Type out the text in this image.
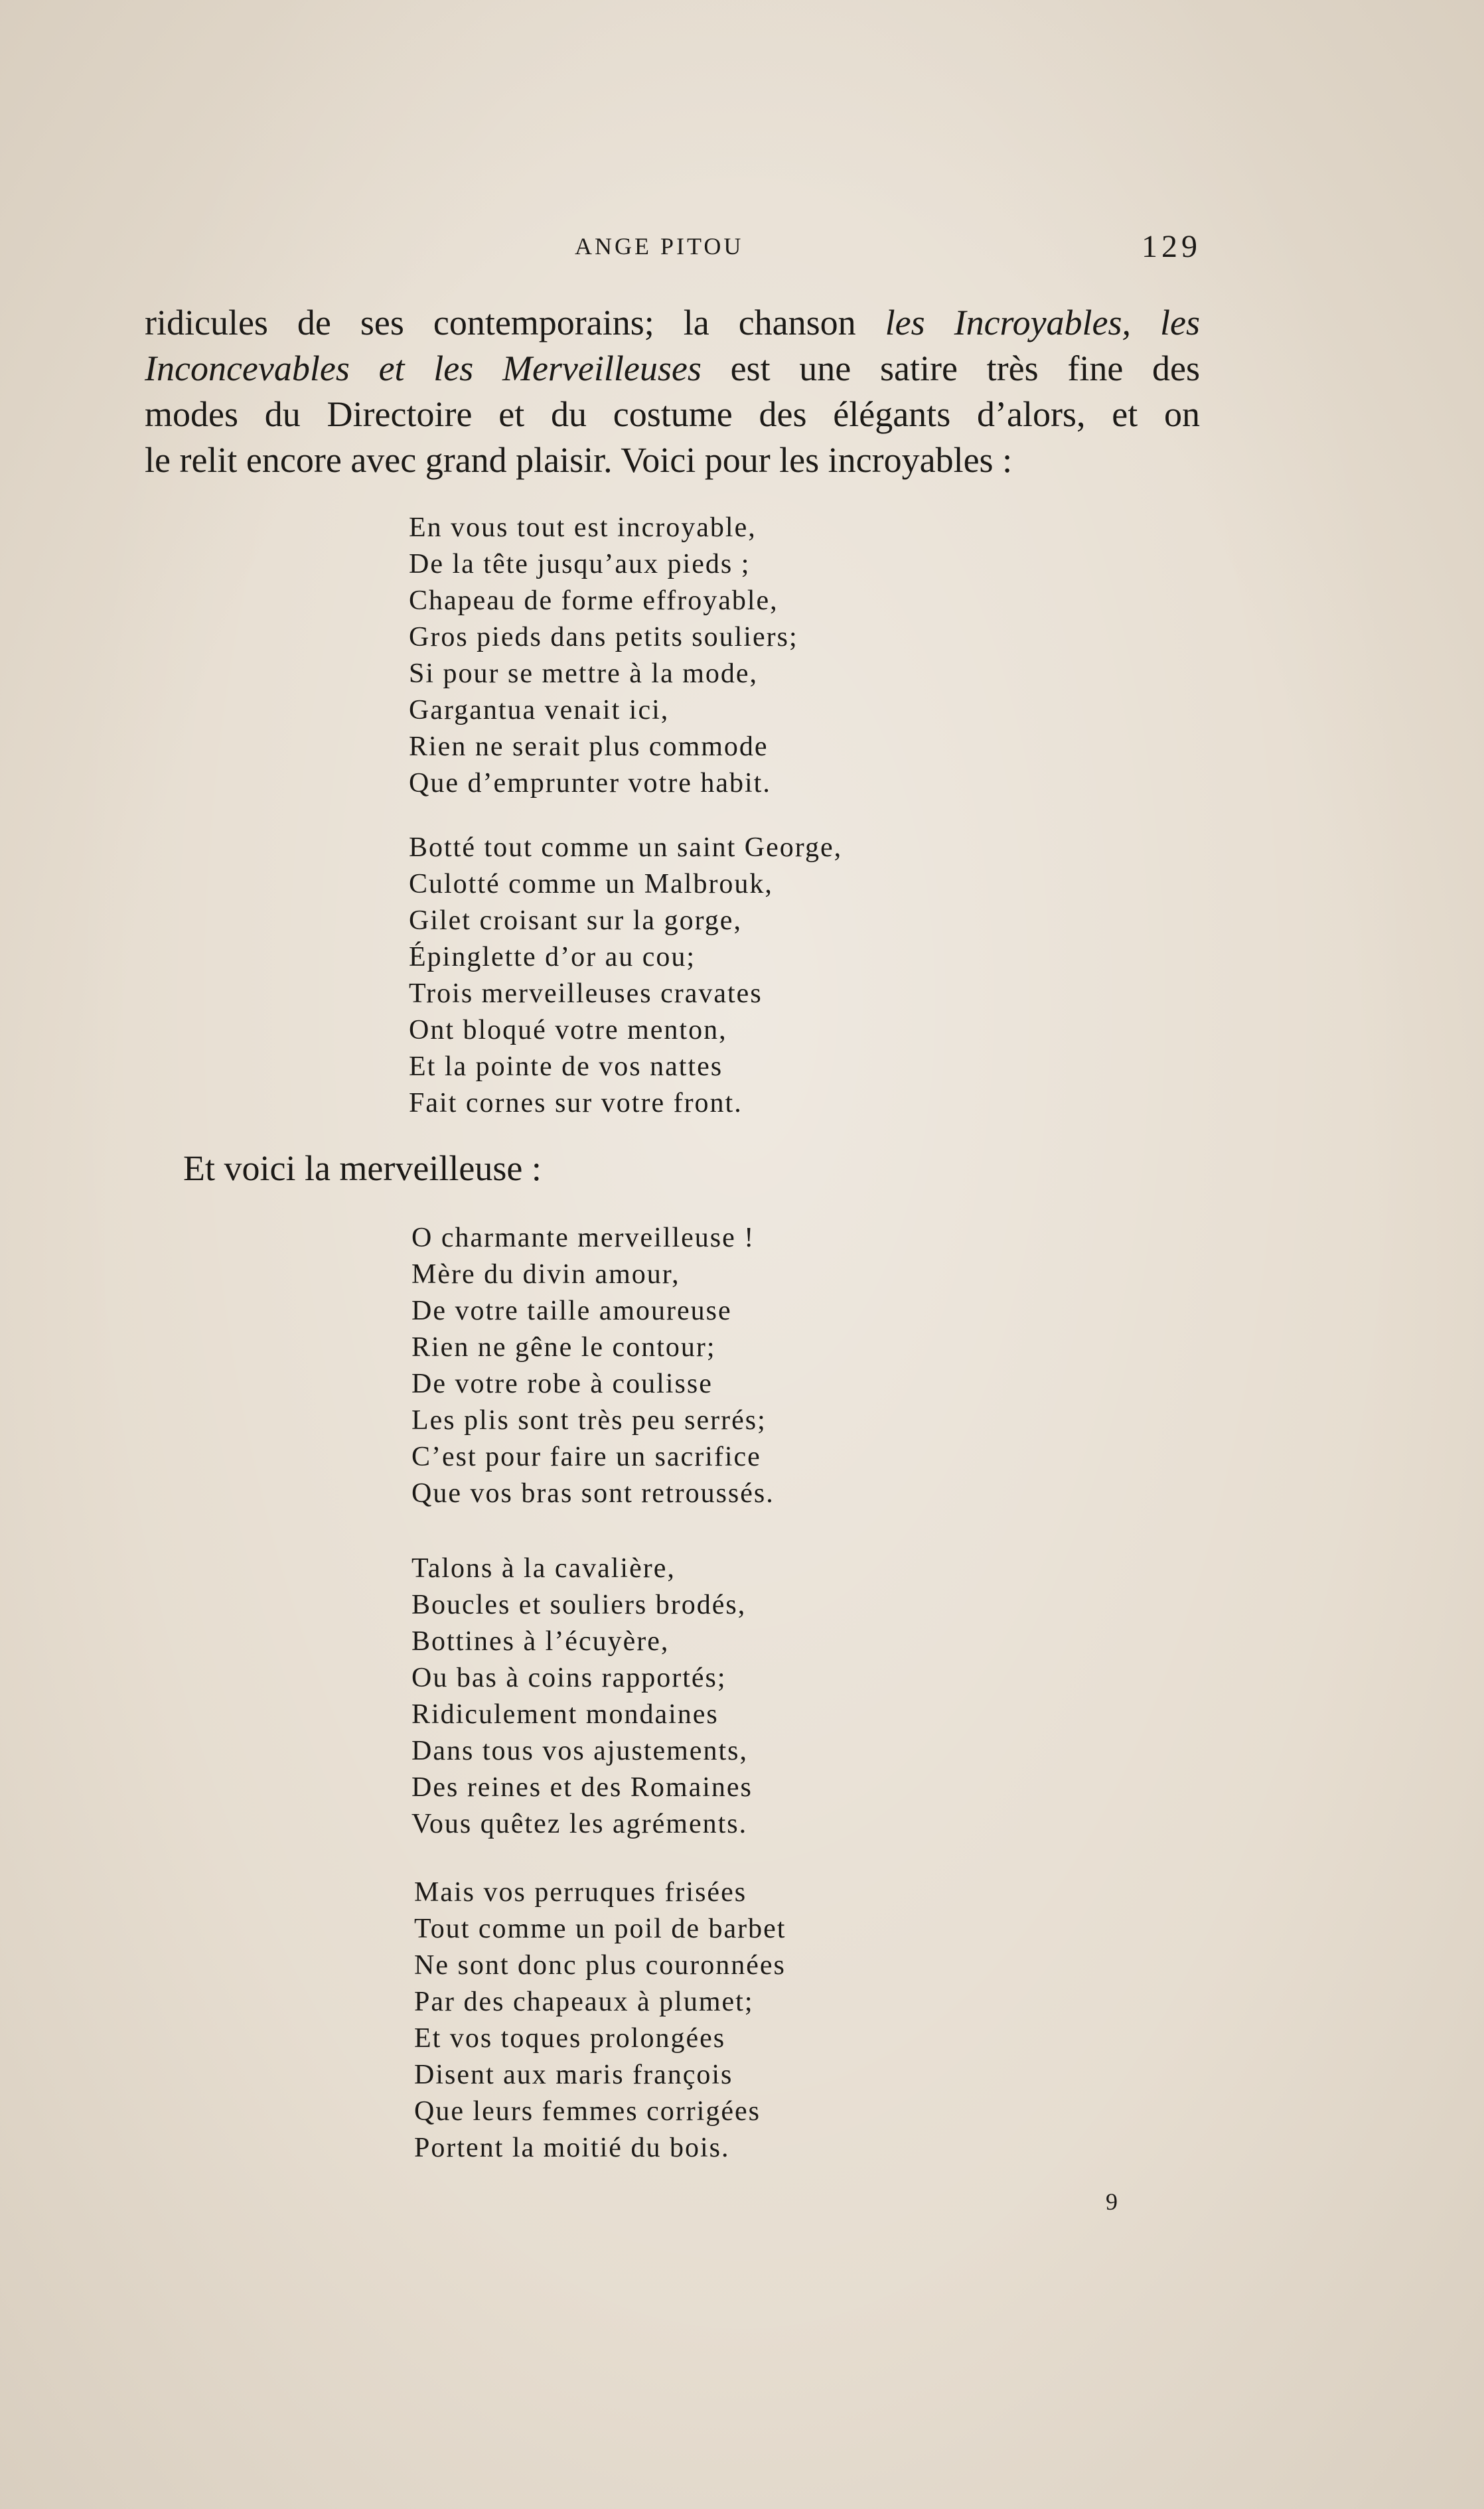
ANGE PITOU	129
ridicules de ses contemporains; la chanson les Incroyables, les
Inconcevables et les Merveilleuses est une satire très fine des
modes du Directoire et du costume des élégants d’alors, et on
le relit encore avec grand plaisir. Voici pour les incroyables :
En vous tout est incroyable,
De la tête jusqu’aux pieds ;
Chapeau de forme effroyable,
Gros pieds dans petits souliers;
Si pour se mettre à la mode,
Gargantua venait ici,
Rien ne serait plus commode
Que d’emprunter votre habit.
Botté tout comme un saint George,
Culotté comme un Malbrouk,
Gilet croisant sur la gorge,
Épinglette d’or au cou;
Trois merveilleuses cravates
Ont bloqué votre menton,
Et la pointe de vos nattes
Fait cornes sur votre front.
Et voici la merveilleuse :
O charmante merveilleuse !
Mère du divin amour,
De votre taille amoureuse
Rien ne gêne le contour;
De votre robe à coulisse
Les plis sont très peu serrés;
C’est pour faire un sacrifice
Que vos bras sont retroussés.
Talons à la cavalière,
Boucles et souliers brodés,
Bottines à l’écuyère,
Ou bas à coins rapportés;
Ridiculement mondaines
Dans tous vos ajustements,
Des reines et des Romaines
Vous quêtez les agréments.
Mais vos perruques frisées
Tout comme un poil de barbet
Ne sont donc plus couronnées
Par des chapeaux à plumet;
Et vos toques prolongées
Disent aux maris françois
Que leurs femmes corrigées
Portent la moitié du bois.
9
